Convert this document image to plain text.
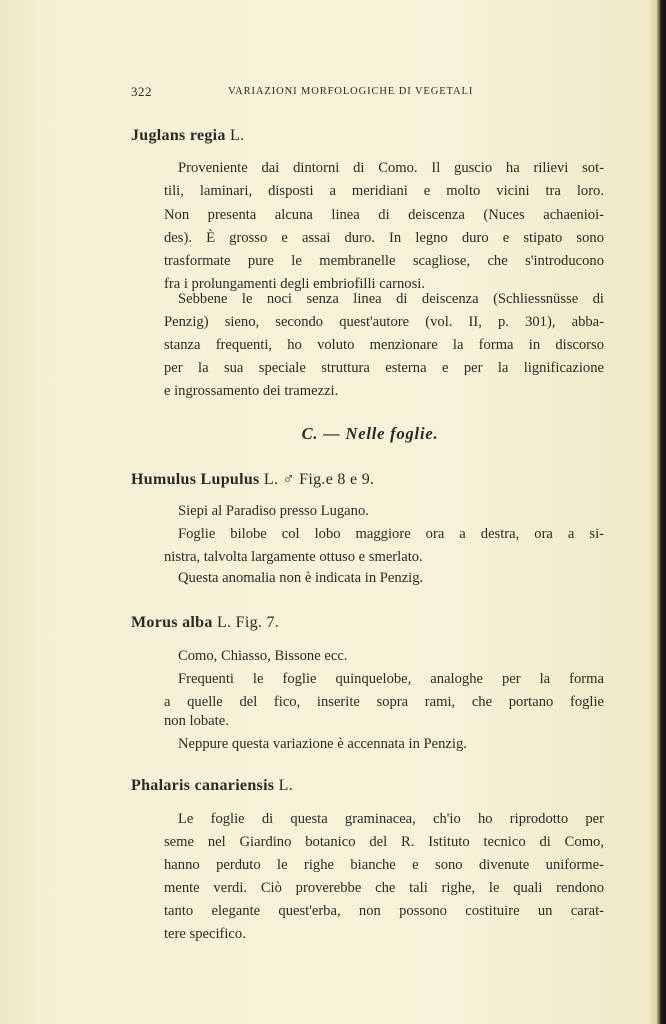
322	VARIAZIONI MORFOLOGICHE DI VEGETALI
Juglans regia L.
Proveniente dai dintorni di Como. Il guscio ha rilievi sot-
tili, laminari, disposti a meridiani e molto vicini tra loro.
Non presenta alcuna linea di deiscenza (Nuces achaenioi-
des). È grosso e assai duro. In legno duro e stipato sono
trasformate pure le membranelle scagliose, che s'introducono
fra i prolungamenti degli embriofilli carnosi.
Sebbene le noci senza linea di deiscenza (Schliessnüsse di
Penzig) sieno, secondo quest'autore (vol. II, p. 301), abba-
stanza frequenti, ho voluto menzionare la forma in discorso
per la sua speciale struttura esterna e per la lignificazione
e ingrossamento dei tramezzi.
C. — Nelle foglie.
Humulus Lupulus L. ♂ Fig.e 8 e 9.
Siepi al Paradiso presso Lugano.
Foglie bilobe col lobo maggiore ora a destra, ora a si-
nistra, talvolta largamente ottuso e smerlato.
Questa anomalia non è indicata in Penzig.
Morus alba L. Fig. 7.
Como, Chiasso, Bissone ecc.
Frequenti le foglie quinquelobe, analoghe per la forma
a quelle del fico, inserite sopra rami, che portano foglie
non lobate.
Neppure questa variazione è accennata in Penzig.
Phalaris canariensis L.
Le foglie di questa graminacea, ch'io ho riprodotto per
seme nel Giardino botanico del R. Istituto tecnico di Como,
hanno perduto le righe bianche e sono divenute uniforme-
mente verdi. Ciò proverebbe che tali righe, le quali rendono
tanto elegante quest'erba, non possono costituire un carat-
tere specifico.
